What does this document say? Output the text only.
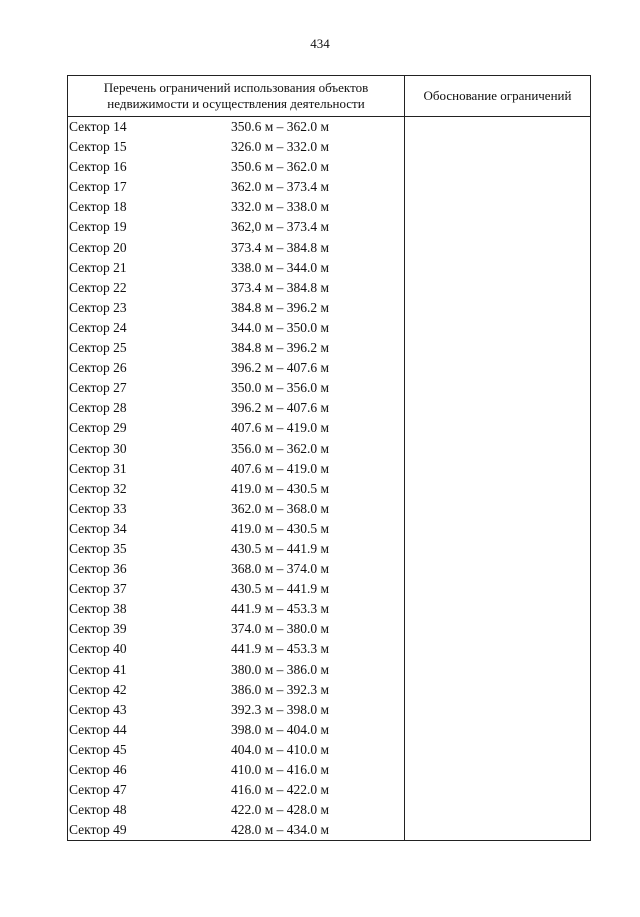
434
Перечень ограничений использования объектов недвижимости и осуществления деятельности	Обоснование ограничений

Сектор 14 350.6 м – 362.0 м	

Сектор 15 326.0 м – 332.0 м	

Сектор 16 350.6 м – 362.0 м	

Сектор 17 362.0 м – 373.4 м	

Сектор 18 332.0 м – 338.0 м	

Сектор 19 362,0 м – 373.4 м	

Сектор 20 373.4 м – 384.8 м	

Сектор 21 338.0 м – 344.0 м	

Сектор 22 373.4 м – 384.8 м	

Сектор 23 384.8 м – 396.2 м	

Сектор 24 344.0 м – 350.0 м	

Сектор 25 384.8 м – 396.2 м	

Сектор 26 396.2 м – 407.6 м	

Сектор 27 350.0 м – 356.0 м	

Сектор 28 396.2 м – 407.6 м	

Сектор 29 407.6 м – 419.0 м	

Сектор 30 356.0 м – 362.0 м	

Сектор 31 407.6 м – 419.0 м	

Сектор 32 419.0 м – 430.5 м	

Сектор 33 362.0 м – 368.0 м	

Сектор 34 419.0 м – 430.5 м	

Сектор 35 430.5 м – 441.9 м	

Сектор 36 368.0 м – 374.0 м	

Сектор 37 430.5 м – 441.9 м	

Сектор 38 441.9 м – 453.3 м	

Сектор 39 374.0 м – 380.0 м	

Сектор 40 441.9 м – 453.3 м	

Сектор 41 380.0 м – 386.0 м	

Сектор 42 386.0 м – 392.3 м	

Сектор 43 392.3 м – 398.0 м	

Сектор 44 398.0 м – 404.0 м	

Сектор 45 404.0 м – 410.0 м	

Сектор 46 410.0 м – 416.0 м	

Сектор 47 416.0 м – 422.0 м	

Сектор 48 422.0 м – 428.0 м	

Сектор 49 428.0 м – 434.0 м	
